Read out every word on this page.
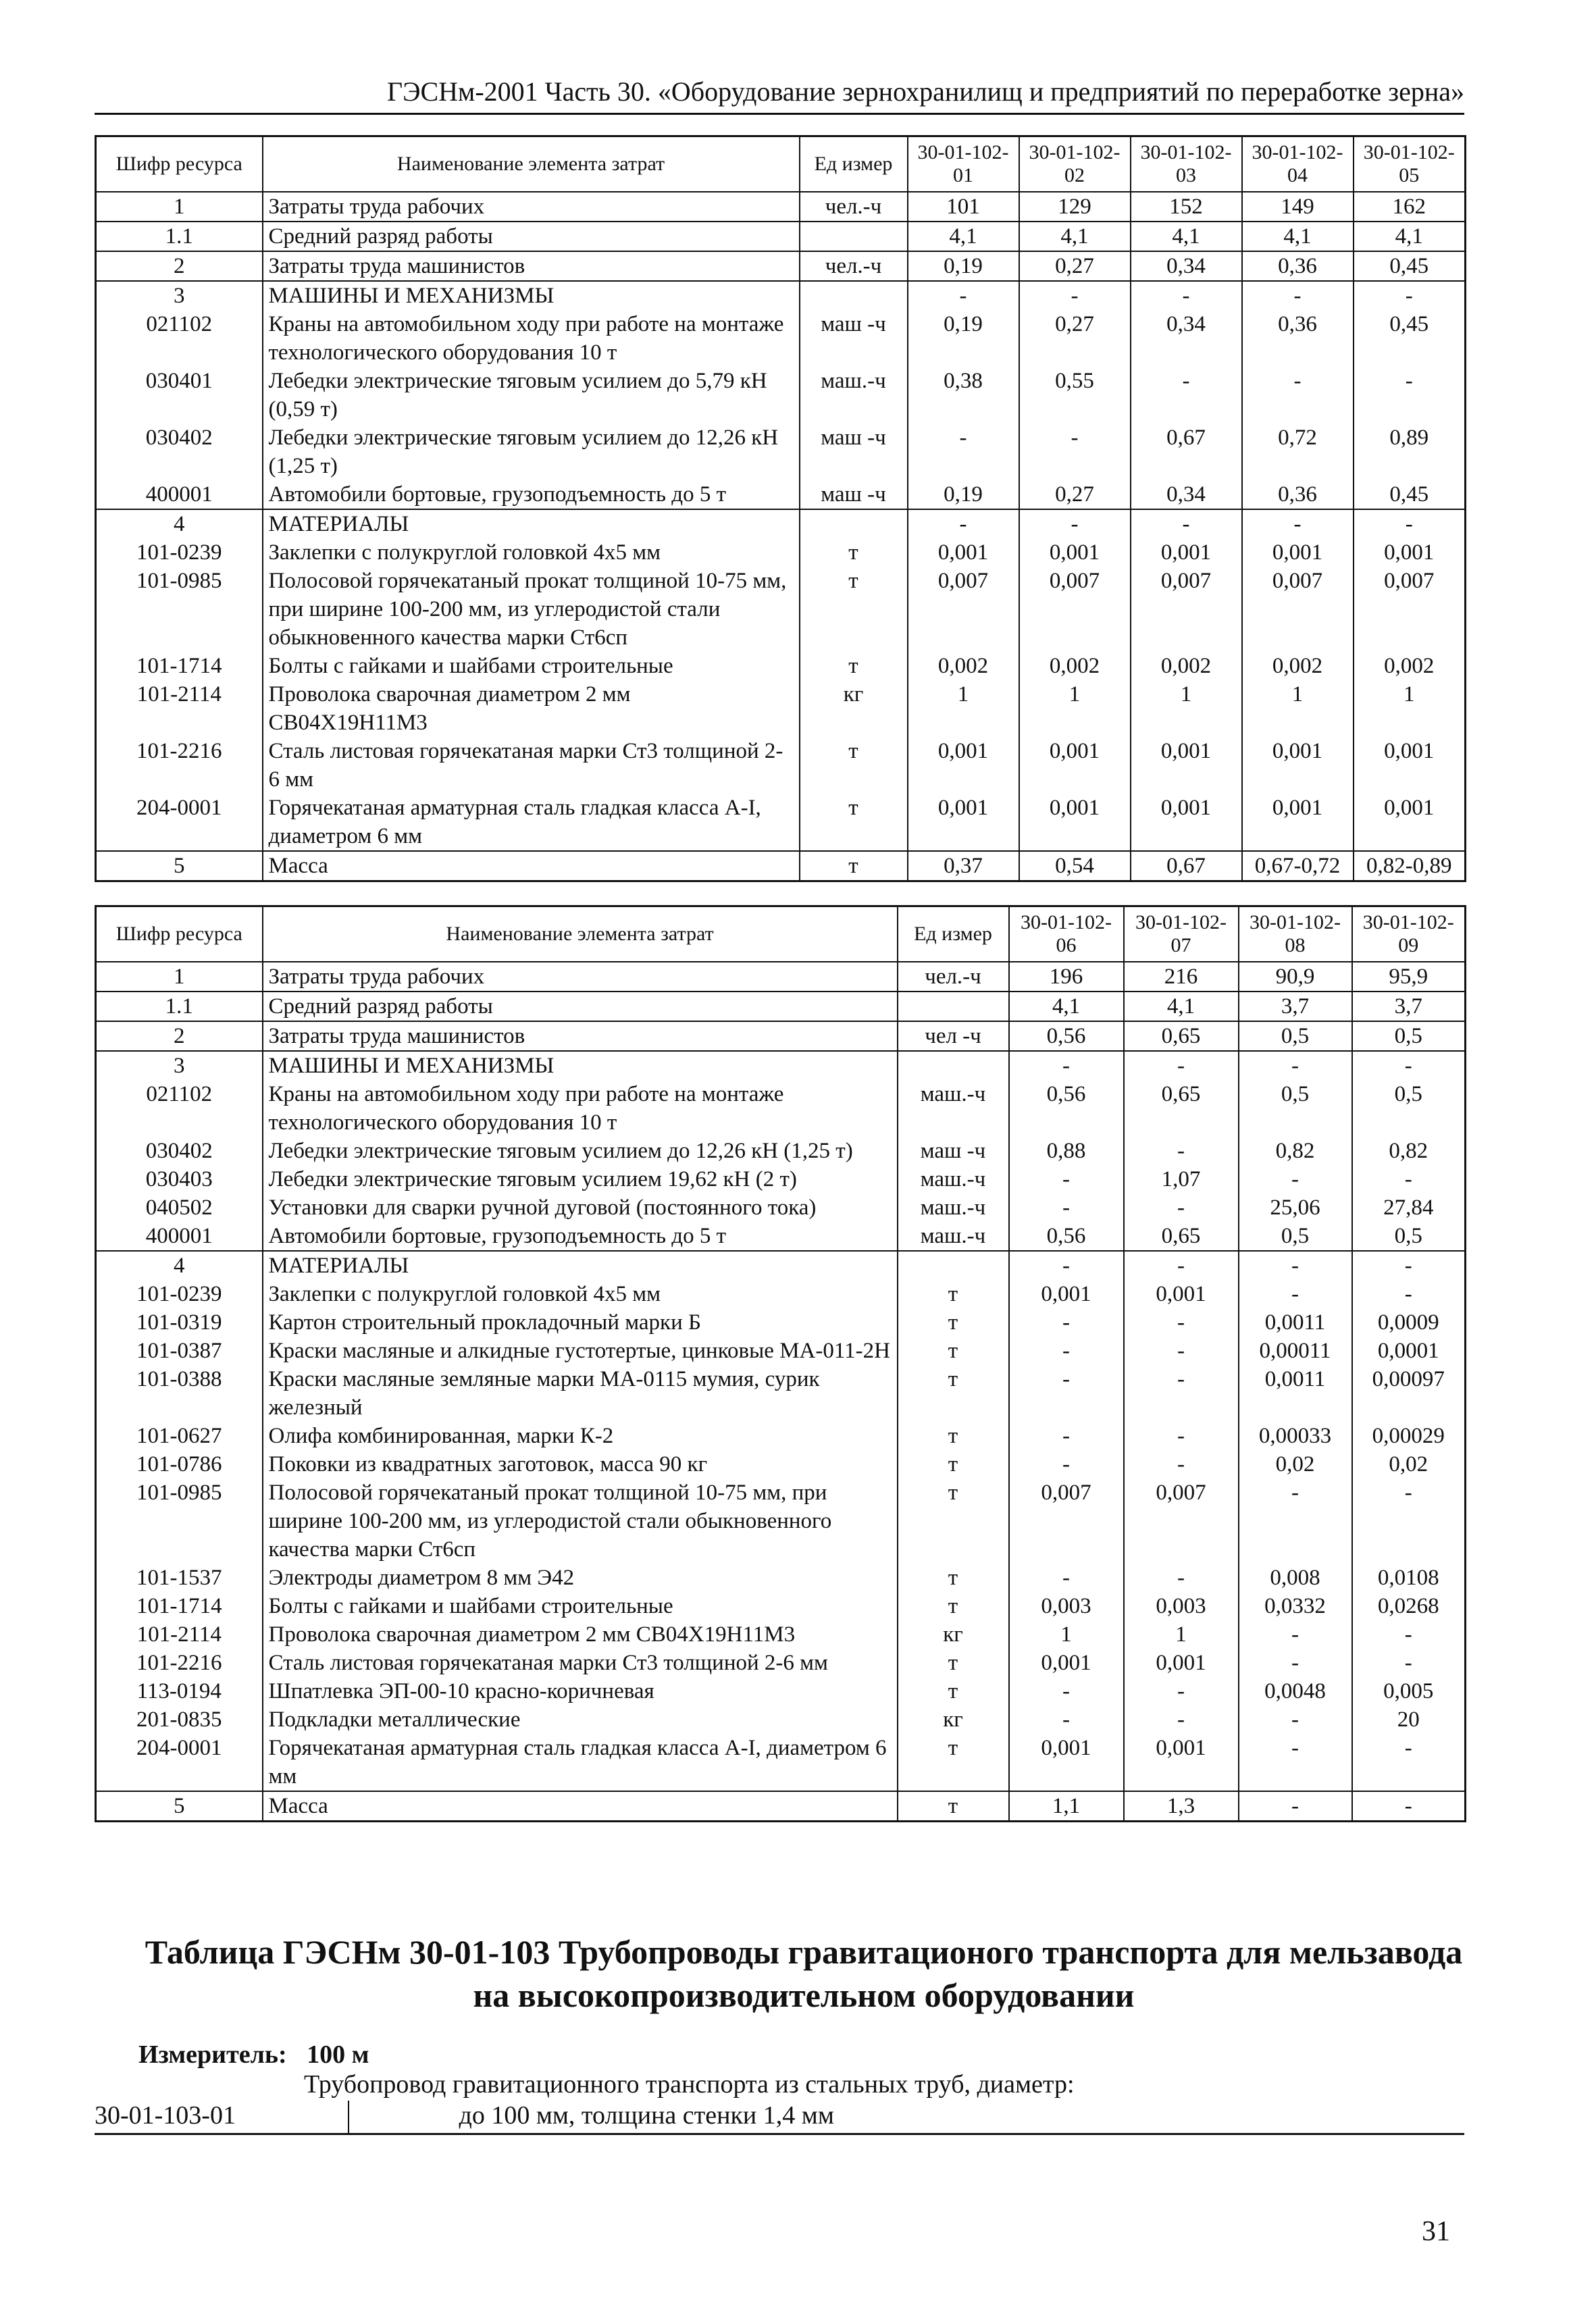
ГЭСНм-2001 Часть 30. «Оборудование зернохранилищ и предприятий по переработке зерна»
Шифр ресурса	Наименование элемента затрат	Ед измер	30-01-102-01	30-01-102-02	30-01-102-03	30-01-102-04	30-01-102-05
1	Затраты труда рабочих	чел.-ч	101	129	152	149	162
1.1	Средний разряд работы		4,1	4,1	4,1	4,1	4,1
2	Затраты труда машинистов	чел.-ч	0,19	0,27	0,34	0,36	0,45
3	МАШИНЫ И МЕХАНИЗМЫ		-	-	-	-	-
021102	Краны на автомобильном ходу при работе на монтаже технологического оборудования 10 т	маш -ч	0,19	0,27	0,34	0,36	0,45
030401	Лебедки электрические тяговым усилием до 5,79 кН (0,59 т)	маш.-ч	0,38	0,55	-	-	-
030402	Лебедки электрические тяговым усилием до 12,26 кН (1,25 т)	маш -ч	-	-	0,67	0,72	0,89
400001	Автомобили бортовые, грузоподъемность до 5 т	маш -ч	0,19	0,27	0,34	0,36	0,45
4	МАТЕРИАЛЫ		-	-	-	-	-
101-0239	Заклепки с полукруглой головкой 4х5 мм	т	0,001	0,001	0,001	0,001	0,001
101-0985	Полосовой горячекатаный прокат толщиной 10-75 мм, при ширине 100-200 мм, из углеродистой стали обыкновенного качества марки Ст6сп	т	0,007	0,007	0,007	0,007	0,007
101-1714	Болты с гайками и шайбами строительные	т	0,002	0,002	0,002	0,002	0,002
101-2114	Проволока сварочная диаметром 2 мм СВ04Х19Н11М3	кг	1	1	1	1	1
101-2216	Сталь листовая горячекатаная марки Ст3 толщиной 2-6 мм	т	0,001	0,001	0,001	0,001	0,001
204-0001	Горячекатаная арматурная сталь гладкая класса А-I, диаметром 6 мм	т	0,001	0,001	0,001	0,001	0,001
5	Масса	т	0,37	0,54	0,67	0,67-0,72	0,82-0,89
Шифр ресурса	Наименование элемента затрат	Ед измер	30-01-102-06	30-01-102-07	30-01-102-08	30-01-102-09
1	Затраты труда рабочих	чел.-ч	196	216	90,9	95,9
1.1	Средний разряд работы		4,1	4,1	3,7	3,7
2	Затраты труда машинистов	чел -ч	0,56	0,65	0,5	0,5
3	МАШИНЫ И МЕХАНИЗМЫ		-	-	-	-
021102	Краны на автомобильном ходу при работе на монтаже технологического оборудования 10 т	маш.-ч	0,56	0,65	0,5	0,5
030402	Лебедки электрические тяговым усилием до 12,26 кН (1,25 т)	маш -ч	0,88	-	0,82	0,82
030403	Лебедки электрические тяговым усилием 19,62 кН (2 т)	маш.-ч	-	1,07	-	-
040502	Установки для сварки ручной дуговой (постоянного тока)	маш.-ч	-	-	25,06	27,84
400001	Автомобили бортовые, грузоподъемность до 5 т	маш.-ч	0,56	0,65	0,5	0,5
4	МАТЕРИАЛЫ		-	-	-	-
101-0239	Заклепки с полукруглой головкой 4х5 мм	т	0,001	0,001	-	-
101-0319	Картон строительный прокладочный марки Б	т	-	-	0,0011	0,0009
101-0387	Краски масляные и алкидные густотертые, цинковые МА-011-2Н	т	-	-	0,00011	0,0001
101-0388	Краски масляные земляные марки МА-0115 мумия, сурик железный	т	-	-	0,0011	0,00097
101-0627	Олифа комбинированная, марки К-2	т	-	-	0,00033	0,00029
101-0786	Поковки из квадратных заготовок, масса 90 кг	т	-	-	0,02	0,02
101-0985	Полосовой горячекатаный прокат толщиной 10-75 мм, при ширине 100-200 мм, из углеродистой стали обыкновенного качества марки Ст6сп	т	0,007	0,007	-	-
101-1537	Электроды диаметром 8 мм Э42	т	-	-	0,008	0,0108
101-1714	Болты с гайками и шайбами строительные	т	0,003	0,003	0,0332	0,0268
101-2114	Проволока сварочная диаметром 2 мм СВ04Х19Н11М3	кг	1	1	-	-
101-2216	Сталь листовая горячекатаная марки Ст3 толщиной 2-6 мм	т	0,001	0,001	-	-
113-0194	Шпатлевка ЭП-00-10 красно-коричневая	т	-	-	0,0048	0,005
201-0835	Подкладки металлические	кг	-	-	-	20
204-0001	Горячекатаная арматурная сталь гладкая класса А-I, диаметром 6 мм	т	0,001	0,001	-	-
5	Масса	т	1,1	1,3	-	-
Таблица ГЭСНм 30-01-103 Трубопроводы гравитационого транспорта для мельзавода
на высокопроизводительном оборудовании
Измеритель: 100 м
Трубопровод гравитационного транспорта из стальных труб, диаметр:
30-01-103-01	до 100 мм, толщина стенки 1,4 мм
31
